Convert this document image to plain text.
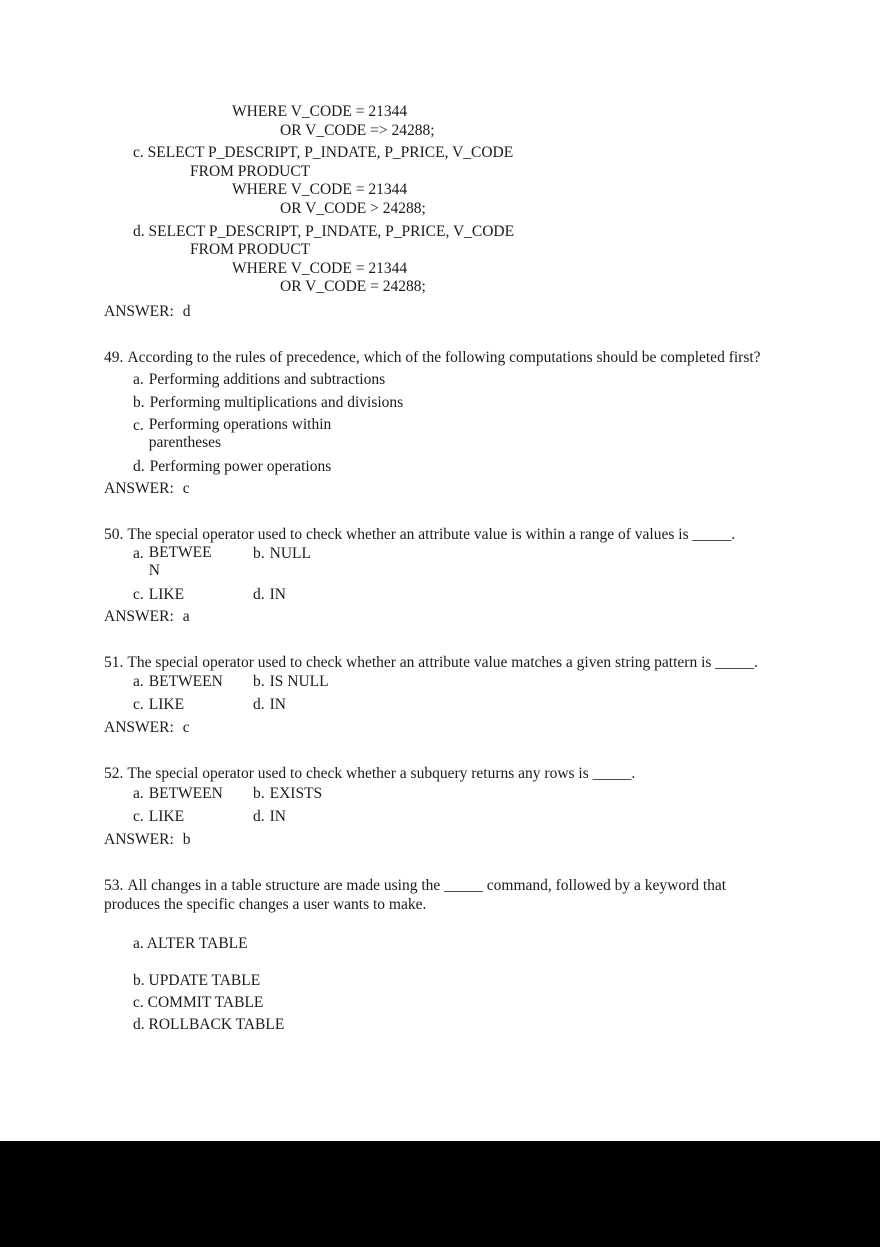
WHERE V_CODE = 21344
OR V_CODE => 24288;
c. SELECT P_DESCRIPT, P_INDATE, P_PRICE, V_CODE
FROM PRODUCT
WHERE V_CODE = 21344
OR V_CODE > 24288;
d. SELECT P_DESCRIPT, P_INDATE, P_PRICE, V_CODE
FROM PRODUCT
WHERE V_CODE = 21344
OR V_CODE = 24288;
ANSWER: d
49. According to the rules of precedence, which of the following computations should be completed first?
a. Performing additions and subtractions
b. Performing multiplications and divisions
c. Performing operations within parentheses
d. Performing power operations
ANSWER: c
50. The special operator used to check whether an attribute value is within a range of values is _____.
a. BETWEEN
b. NULL
c. LIKE	d. IN
ANSWER: a
51. The special operator used to check whether an attribute value matches a given string pattern is _____.
a. BETWEEN	b. IS NULL
c. LIKE	d. IN
ANSWER: c
52. The special operator used to check whether a subquery returns any rows is _____.
a. BETWEEN	b. EXISTS
c. LIKE	d. IN
ANSWER: b
53. All changes in a table structure are made using the _____ command, followed by a keyword that produces the specific changes a user wants to make.
a. ALTER TABLE
b. UPDATE TABLE
c. COMMIT TABLE
d. ROLLBACK TABLE
